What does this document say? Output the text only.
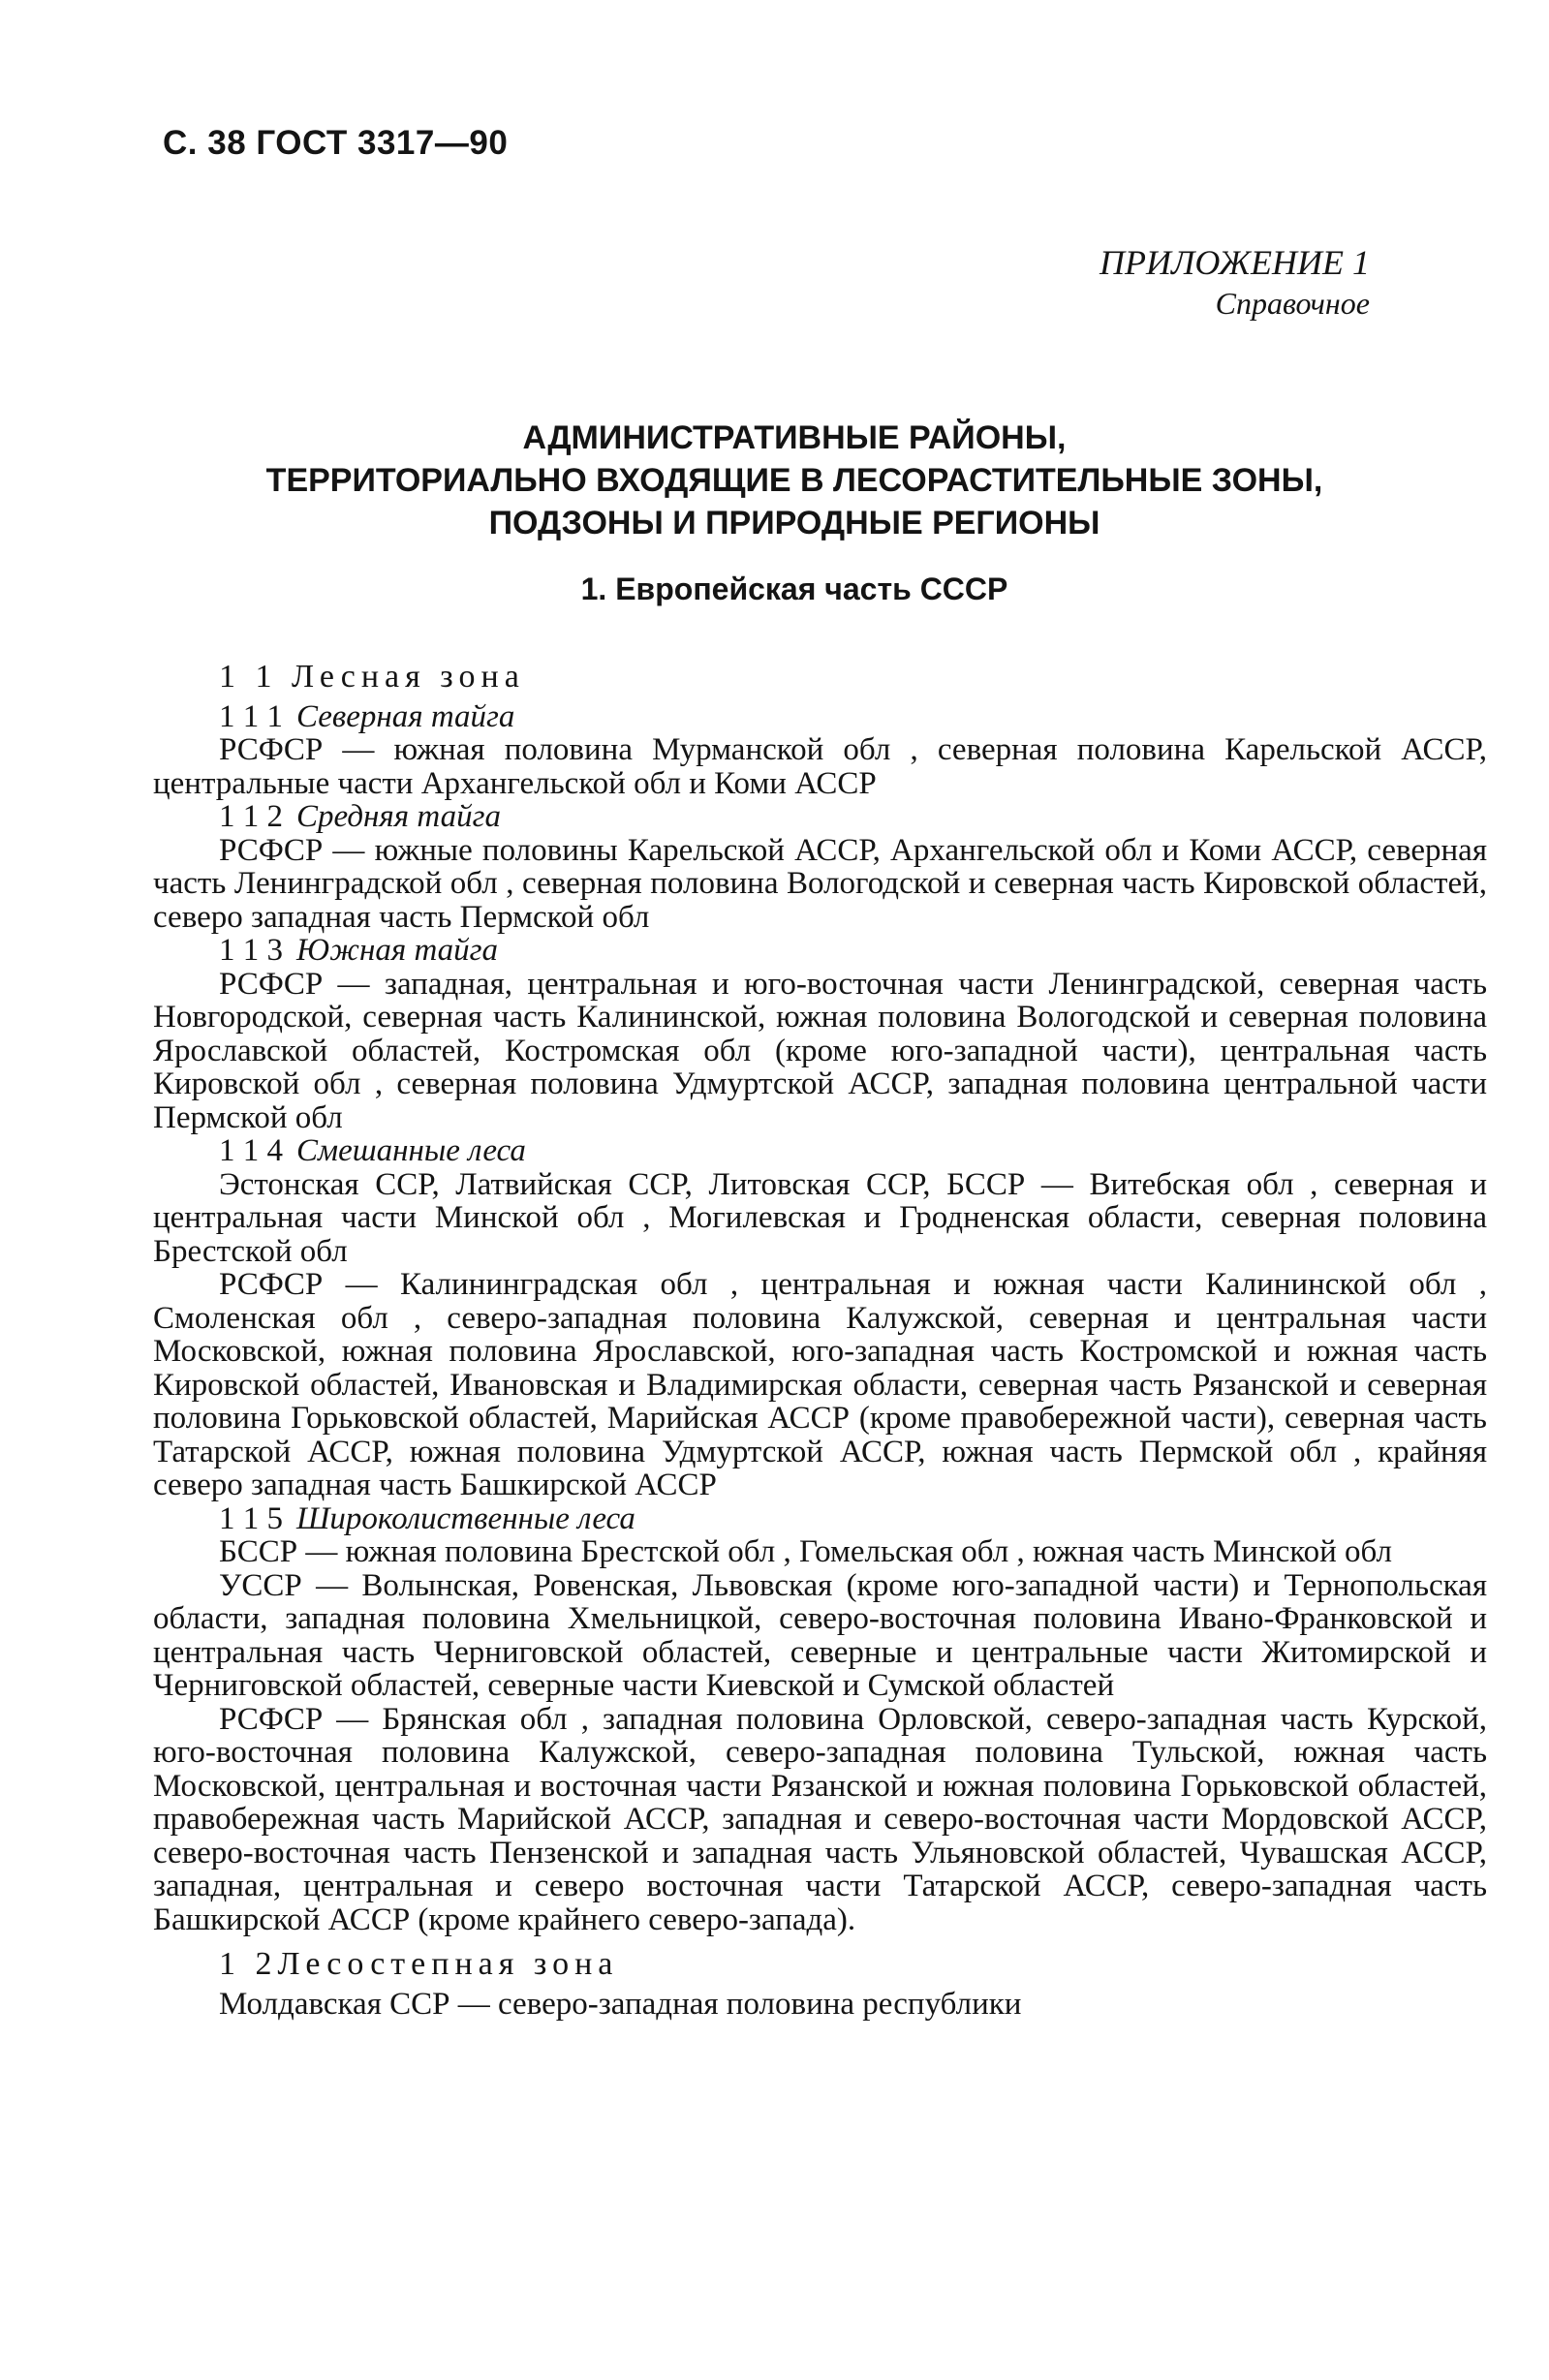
С. 38 ГОСТ 3317—90
ПРИЛОЖЕНИЕ 1
Справочное
АДМИНИСТРАТИВНЫЕ РАЙОНЫ,
ТЕРРИТОРИАЛЬНО ВХОДЯЩИЕ В ЛЕСОРАСТИТЕЛЬНЫЕ ЗОНЫ,
ПОДЗОНЫ И ПРИРОДНЫЕ РЕГИОНЫ
1. Европейская часть СССР
1 1 Лесная зона
1 1 1 Северная тайга

РСФСР — южная половина Мурманской обл , северная половина Карельской АССР, центральные части Архангельской обл и Коми АССР

1 1 2 Средняя тайга

РСФСР — южные половины Карельской АССР, Архангельской обл и Коми АССР, северная часть Ленинградской обл , северная половина Вологодской и северная часть Кировской областей, северо западная часть Пермской обл

1 1 3 Южная тайга

РСФСР — западная, центральная и юго-восточная части Ленинградской, северная часть Новгородской, северная часть Калининской, южная половина Вологодской и северная половина Ярославской областей, Костромская обл (кроме юго-западной части), центральная часть Кировской обл , северная половина Удмуртской АССР, западная половина центральной части Пермской обл

1 1 4 Смешанные леса

Эстонская ССР, Латвийская ССР, Литовская ССР, БССР — Витебская обл , северная и центральная части Минской обл , Могилевская и Гродненская области, северная половина Брестской обл

РСФСР — Калининградская обл , центральная и южная части Калининской обл , Смоленская обл , северо-западная половина Калужской, северная и центральная части Московской, южная половина Ярославской, юго-западная часть Костромской и южная часть Кировской областей, Ивановская и Владимирская области, северная часть Рязанской и северная половина Горьковской областей, Марийская АССР (кроме правобережной части), северная часть Татарской АССР, южная половина Удмуртской АССР, южная часть Пермской обл , крайняя северо западная часть Башкирской АССР

1 1 5 Широколиственные леса

БССР — южная половина Брестской обл , Гомельская обл , южная часть Минской обл

УССР — Волынская, Ровенская, Львовская (кроме юго-западной части) и Тернопольская области, западная половина Хмельницкой, северо-восточная половина Ивано-Франковской и центральная часть Черниговской областей, северные и центральные части Житомирской и Черниговской областей, северные части Киевской и Сумской областей

РСФСР — Брянская обл , западная половина Орловской, северо-западная часть Курской, юго-восточная половина Калужской, северо-западная половина Тульской, южная часть Московской, центральная и восточная части Рязанской и южная половина Горьковской областей, правобережная часть Марийской АССР, западная и северо-восточная части Мордовской АССР, северо-восточная часть Пензенской и западная часть Ульяновской областей, Чувашская АССР, западная, центральная и северо восточная части Татарской АССР, северо-западная часть Башкирской АССР (кроме крайнего северо-запада).

1 2Лесостепная зона
Молдавская ССР — северо-западная половина республики
